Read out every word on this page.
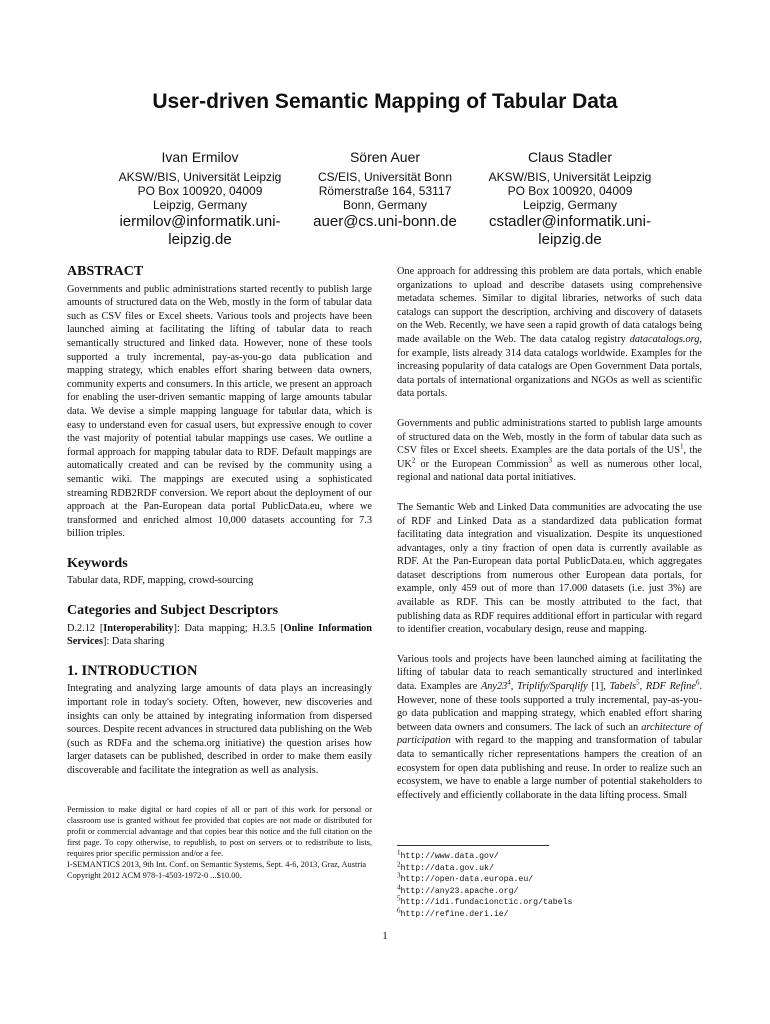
User-driven Semantic Mapping of Tabular Data
Ivan Ermilov
AKSW/BIS, Universität Leipzig
PO Box 100920, 04009
Leipzig, Germany
iermilov@informatik.uni-
leipzig.de
Sören Auer
CS/EIS, Universität Bonn
Römerstraße 164, 53117
Bonn, Germany
auer@cs.uni-bonn.de
Claus Stadler
AKSW/BIS, Universität Leipzig
PO Box 100920, 04009
Leipzig, Germany
cstadler@informatik.uni-
leipzig.de
ABSTRACT

Governments and public administrations started recently to publish large amounts of structured data on the Web, mostly in the form of tabular data such as CSV files or Excel sheets. Various tools and projects have been launched aiming at facilitating the lifting of tabular data to reach semantically structured and linked data. However, none of these tools supported a truly incremental, pay-as-you-go data publication and mapping strategy, which enables effort sharing between data owners, community experts and consumers. In this article, we present an approach for enabling the user-driven semantic mapping of large amounts tabular data. We devise a simple mapping language for tabular data, which is easy to understand even for casual users, but expressive enough to cover the vast majority of potential tabular mappings use cases. We outline a formal approach for mapping tabular data to RDF. Default mappings are automatically created and can be revised by the community using a semantic wiki. The mappings are executed using a sophisticated streaming RDB2RDF conversion. We report about the deployment of our approach at the Pan-European data portal PublicData.eu, where we transformed and enriched almost 10,000 datasets accounting for 7.3 billion triples.

Keywords

Tabular data, RDF, mapping, crowd-sourcing

Categories and Subject Descriptors

D.2.12 [Interoperability]: Data mapping; H.3.5 [Online Information Services]: Data sharing

1. INTRODUCTION

Integrating and analyzing large amounts of data plays an increasingly important role in today's society. Often, however, new discoveries and insights can only be attained by integrating information from dispersed sources. Despite recent advances in structured data publishing on the Web (such as RDFa and the schema.org initiative) the question arises how larger datasets can be published, described in order to make them easily discoverable and facilitate the integration as well as analysis.

Permission to make digital or hard copies of all or part of this work for personal or classroom use is granted without fee provided that copies are not made or distributed for profit or commercial advantage and that copies bear this notice and the full citation on the first page. To copy otherwise, to republish, to post on servers or to redistribute to lists, requires prior specific permission and/or a fee.

I-SEMANTICS 2013, 9th Int. Conf. on Semantic Systems, Sept. 4-6, 2013, Graz, Austria

Copyright 2012 ACM 978-1-4503-1972-0 ...$10.00.

One approach for addressing this problem are data portals, which enable organizations to upload and describe datasets using comprehensive metadata schemes. Similar to digital libraries, networks of such data catalogs can support the description, archiving and discovery of datasets on the Web. Recently, we have seen a rapid growth of data catalogs being made available on the Web. The data catalog registry datacatalogs.org, for example, lists already 314 data catalogs worldwide. Examples for the increasing popularity of data catalogs are Open Government Data portals, data portals of international organizations and NGOs as well as scientific data portals.

Governments and public administrations started to publish large amounts of structured data on the Web, mostly in the form of tabular data such as CSV files or Excel sheets. Examples are the data portals of the $US^1$, the $UK^2$ or the European Commission$^3$ as well as numerous other local, regional and national data portal initiatives.

The Semantic Web and Linked Data communities are advocating the use of RDF and Linked Data as a standardized data publication format facilitating data integration and visualization. Despite its unquestioned advantages, only a tiny fraction of open data is currently available as RDF. At the Pan-European data portal PublicData.eu, which aggregates dataset descriptions from numerous other European data portals, for example, only 459 out of more than 17.000 datasets (i.e. just 3%) are available as RDF. This can be mostly attributed to the fact, that publishing data as RDF requires additional effort in particular with regard to identifier creation, vocabulary design, reuse and mapping.

Various tools and projects have been launched aiming at facilitating the lifting of tabular data to reach semantically structured and interlinked data. Examples are $Any23^4$, Triplify/Sparqlify [1], Tabels$^5$, RDF Refine$^6$. However, none of these tools supported a truly incremental, pay-as-you-go data publication and mapping strategy, which enabled effort sharing between data owners and consumers. The lack of such an architecture of participation with regard to the mapping and transformation of tabular data to semantically richer representations hampers the creation of an ecosystem for open data publishing and reuse. In order to realize such an ecosystem, we have to enable a large number of potential stakeholders to effectively and efficiently collaborate in the data lifting process. Small

$^1$http://www.data.gov/
$^2$http://data.gov.uk/
$^3$http://open-data.europa.eu/
$^4$http://any23.apache.org/
$^5$http://idi.fundacionctic.org/tabels
$^6$http://refine.deri.ie/
1
